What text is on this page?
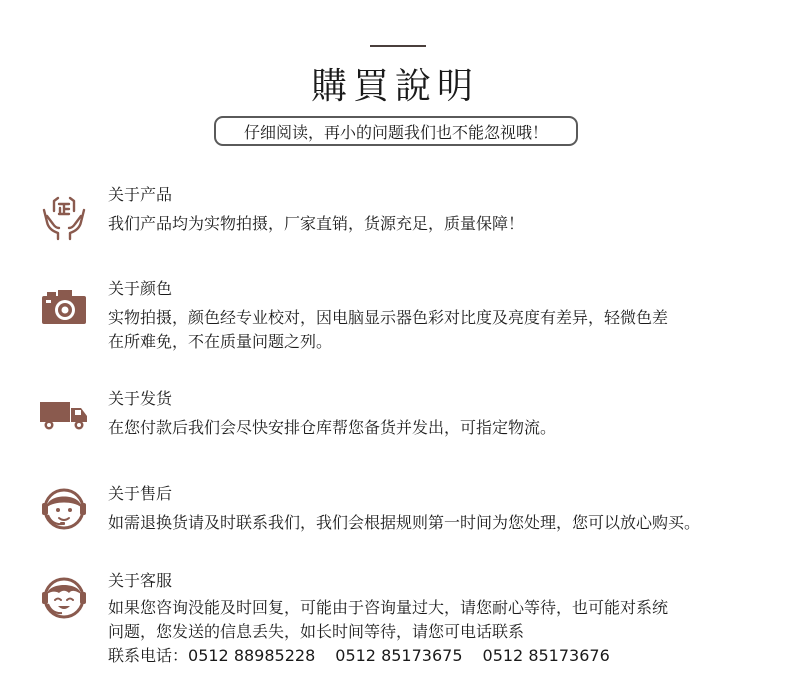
購買說明
仔细阅读，再小的问题我们也不能忽视哦！
关于产品
我们产品均为实物拍摄，厂家直销，货源充足，质量保障！
关于颜色
实物拍摄，颜色经专业校对，因电脑显示器色彩对比度及亮度有差异，轻微色差
在所难免，不在质量问题之列。
关于发货
在您付款后我们会尽快安排仓库帮您备货并发出，可指定物流。
关于售后
如需退换货请及时联系我们，我们会根据规则第一时间为您处理，您可以放心购买。
关于客服
如果您咨询没能及时回复，可能由于咨询量过大，请您耐心等待，也可能对系统
问题，您发送的信息丢失，如长时间等待，请您可电话联系
联系电话：0512 88985228 0512 85173675 0512 85173676
